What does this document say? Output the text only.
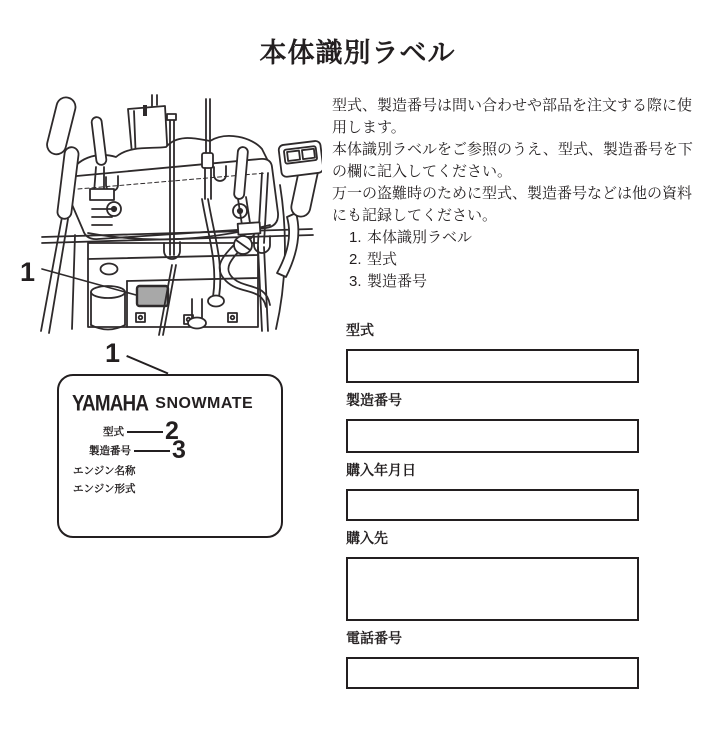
本体識別ラベル
1
1
YAMAHA SNOWMATE
型式 2
製造番号 3
エンジン名称
エンジン形式

型式、製造番号は問い合わせや部品を注文する際に使用します。

本体識別ラベルをご参照のうえ、型式、製造番号を下の欄に記入してください。

万一の盗難時のために型式、製造番号などは他の資料にも記録してください。

1. 本体識別ラベル
2. 型式
3. 製造番号
型式
製造番号
購入年月日
購入先
電話番号
